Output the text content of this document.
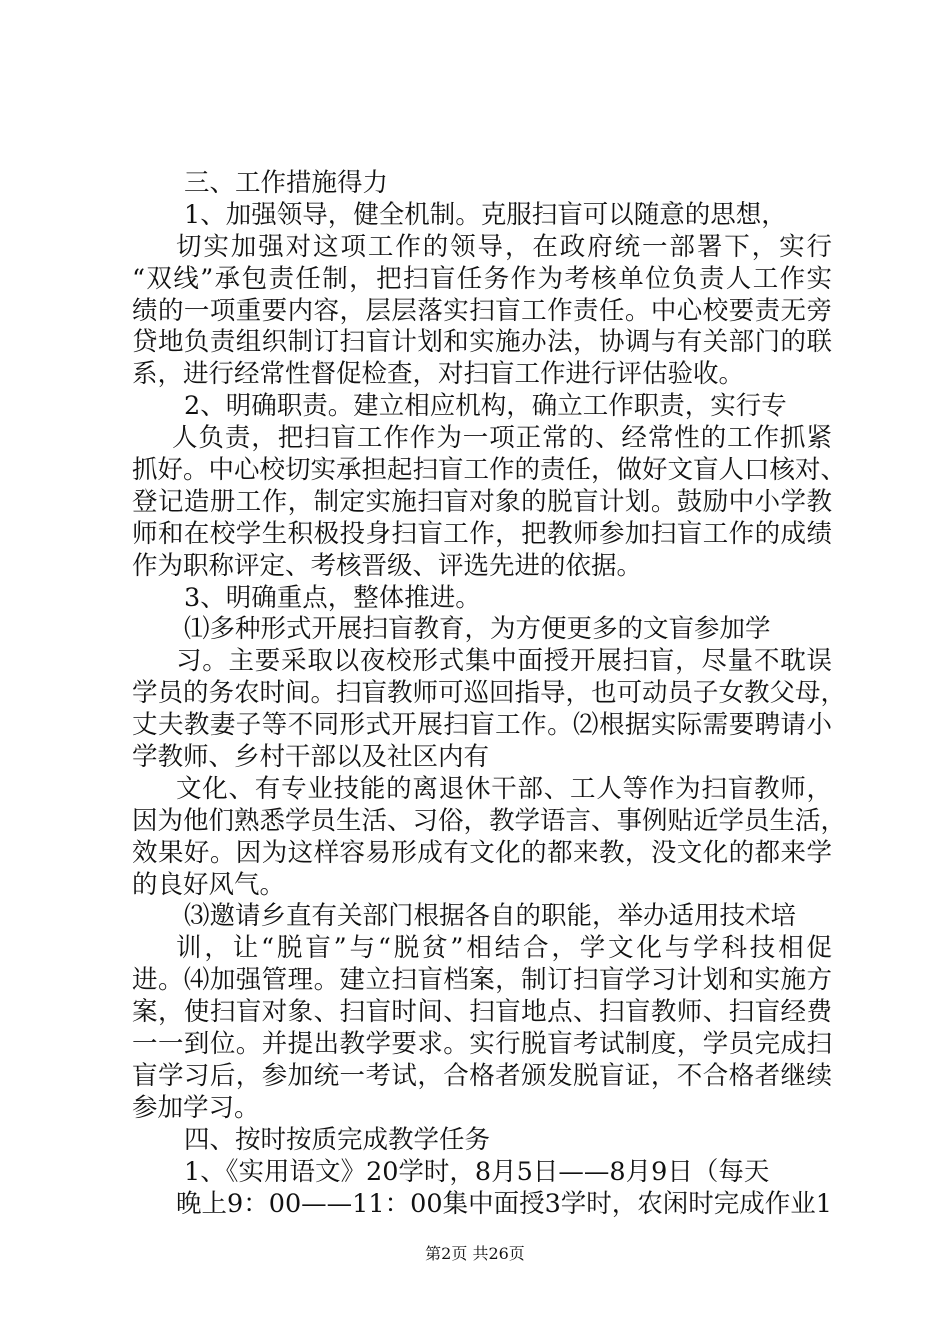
三、工作措施得力
1、加强领导，健全机制。克服扫盲可以随意的思想，
切实加强对这项工作的领导，在政府统一部署下，实行
“双线”承包责任制，把扫盲任务作为考核单位负责人工作实
绩的一项重要内容，层层落实扫盲工作责任。中心校要责无旁
贷地负责组织制订扫盲计划和实施办法，协调与有关部门的联
系，进行经常性督促检查，对扫盲工作进行评估验收。
2、明确职责。建立相应机构，确立工作职责，实行专
人负责，把扫盲工作作为一项正常的、经常性的工作抓紧
抓好。中心校切实承担起扫盲工作的责任，做好文盲人口核对、
登记造册工作，制定实施扫盲对象的脱盲计划。鼓励中小学教
师和在校学生积极投身扫盲工作，把教师参加扫盲工作的成绩
作为职称评定、考核晋级、评选先进的依据。
3、明确重点，整体推进。
⑴多种形式开展扫盲教育，为方便更多的文盲参加学
习。主要采取以夜校形式集中面授开展扫盲，尽量不耽误
学员的务农时间。扫盲教师可巡回指导，也可动员子女教父母，
丈夫教妻子等不同形式开展扫盲工作。⑵根据实际需要聘请小
学教师、乡村干部以及社区内有
文化、有专业技能的离退休干部、工人等作为扫盲教师，
因为他们熟悉学员生活、习俗，教学语言、事例贴近学员生活，
效果好。因为这样容易形成有文化的都来教，没文化的都来学
的良好风气。
⑶邀请乡直有关部门根据各自的职能，举办适用技术培
训，让“脱盲”与“脱贫”相结合，学文化与学科技相促
进。⑷加强管理。建立扫盲档案，制订扫盲学习计划和实施方
案，使扫盲对象、扫盲时间、扫盲地点、扫盲教师、扫盲经费
一一到位。并提出教学要求。实行脱盲考试制度，学员完成扫
盲学习后，参加统一考试，合格者颁发脱盲证，不合格者继续
参加学习。
四、按时按质完成教学任务
1、《实用语文》20学时，8月5日——8月9日（每天
晚上9：00——11：00集中面授3学时，农闲时完成作业1
第2页 共26页
